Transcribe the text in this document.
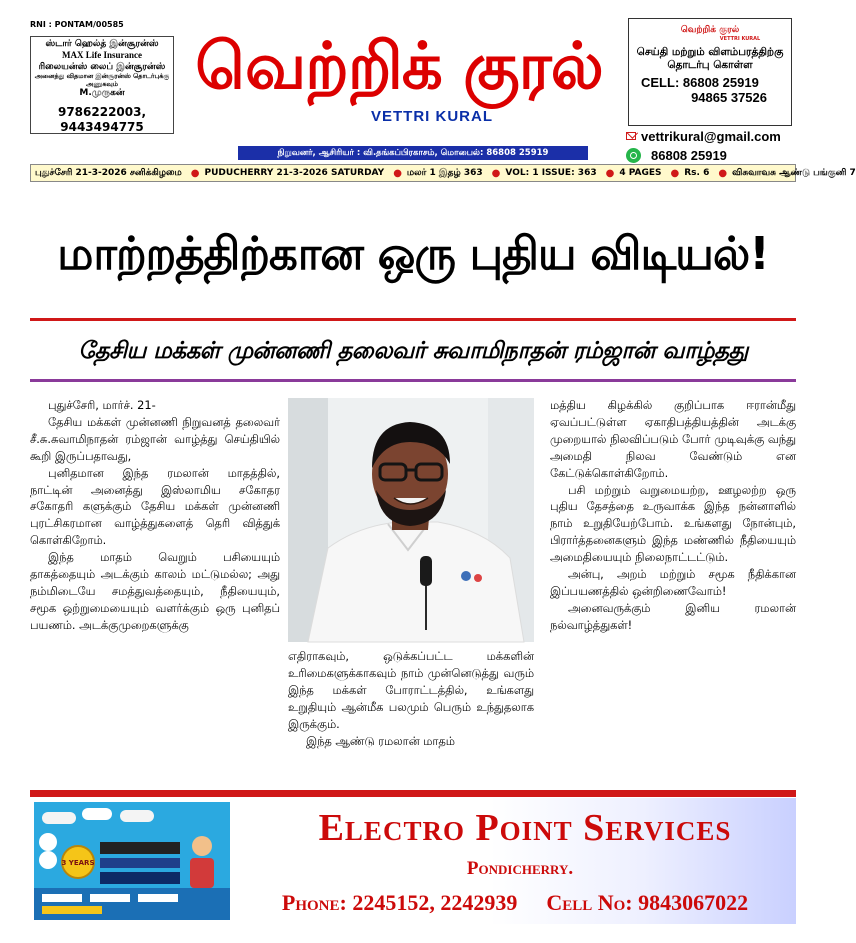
RNI : PONTAM/00585
ஸ்டார் ஹெல்த் இன்சூரன்ஸ்
MAX Life Insurance
ரிலையன்ஸ் லைப் இன்சூரன்ஸ்
அனைத்து விதமான இன்சூரன்ஸ் தொடர்புக்கு அணுகவும்
M.முருகன்
9786222003, 9443494775
வெற்றிக் குரல்
VETTRI KURAL
வெற்றிக் குரல்
VETTRI KURAL
செய்தி மற்றும் விளம்பரத்திற்கு
தொடர்பு கொள்ள
CELL: 86808 25919
94865 37526
vettrikural@gmail.com
86808 25919
நிறுவனர், ஆசிரியர் : வி.தங்கப்பிரகாசம், மொபைல்: 86808 25919
புதுச்சேரி 21-3-2026 சனிக்கிழமை ● PUDUCHERRY 21-3-2026 SATURDAY ● மலர் 1 இதழ் 363 ● VOL: 1 ISSUE: 363 ● 4 PAGES ● Rs. 6 ● விசுவாவசு ஆண்டு பங்குனி 7
மாற்றத்திற்கான ஒரு புதிய விடியல்!
தேசிய மக்கள் முன்னணி தலைவர் சுவாமிநாதன் ரம்ஜான் வாழ்தது

புதுச்சேரி, மார்ச். 21-

தேசிய மக்கள் முன்னணி நிறுவனத் தலைவர் சீ.சு.சுவாமிநாதன் ரம்ஜான் வாழ்த்து செய்தியில் கூறி இருப்பதாவது,

புனிதமான இந்த ரமலான் மாதத்தில், நாட்டின் அனைத்து இஸ்லாமிய சகோதர சகோதரி களுக்கும் தேசிய மக்கள் முன்னணி புரட்சிகரமான வாழ்த்துகளைத் தெரி வித்துக் கொள்கிறோம்.

இந்த மாதம் வெறும் பசியையும் தாகத்தையும் அடக்கும் காலம் மட்டுமல்ல; அது நம்மிடையே சமத்துவத்தையும், நீதியையும், சமூக ஒற்றுமையையும் வளர்க்கும் ஒரு புனிதப் பயணம். அடக்குமுறைகளுக்கு

எதிராகவும், ஒடுக்கப்பட்ட மக்களின் உரிமைகளுக்காகவும் நாம் முன்னெடுத்து வரும் இந்த மக்கள் போராட்டத்தில், உங்களது உறுதியும் ஆன்மீக பலமும் பெரும் உந்துதலாக இருக்கும்.

இந்த ஆண்டு ரமலான் மாதம்

மத்திய கிழக்கில் குறிப்பாக ஈரான்மீது ஏவப்பட்டுள்ள ஏகாதிபத்தியத்தின் அடக்கு முறையால் நிலவிப்படும் போர் முடிவுக்கு வந்து அமைதி நிலவ வேண்டும் என கேட்டுக்கொள்கிறோம்.

பசி மற்றும் வறுமையற்ற, ஊழலற்ற ஒரு புதிய தேசத்தை உருவாக்க இந்த நன்னாளில் நாம் உறுதியேற்போம். உங்களது நோன்பும், பிரார்த்தனைகளும் இந்த மண்ணில் நீதியையும் அமைதியையும் நிலைநாட்டட்டும்.

அன்பு, அறம் மற்றும் சமூக நீதிக்கான இப்பயணத்தில் ஒன்றிணைவோம்!

அனைவருக்கும் இனிய ரமலான் நல்வாழ்த்துகள்!

3 YEARS
Electro Point Services
Pondicherry.
Phone: 2245152, 2242939 Cell No: 9843067022
